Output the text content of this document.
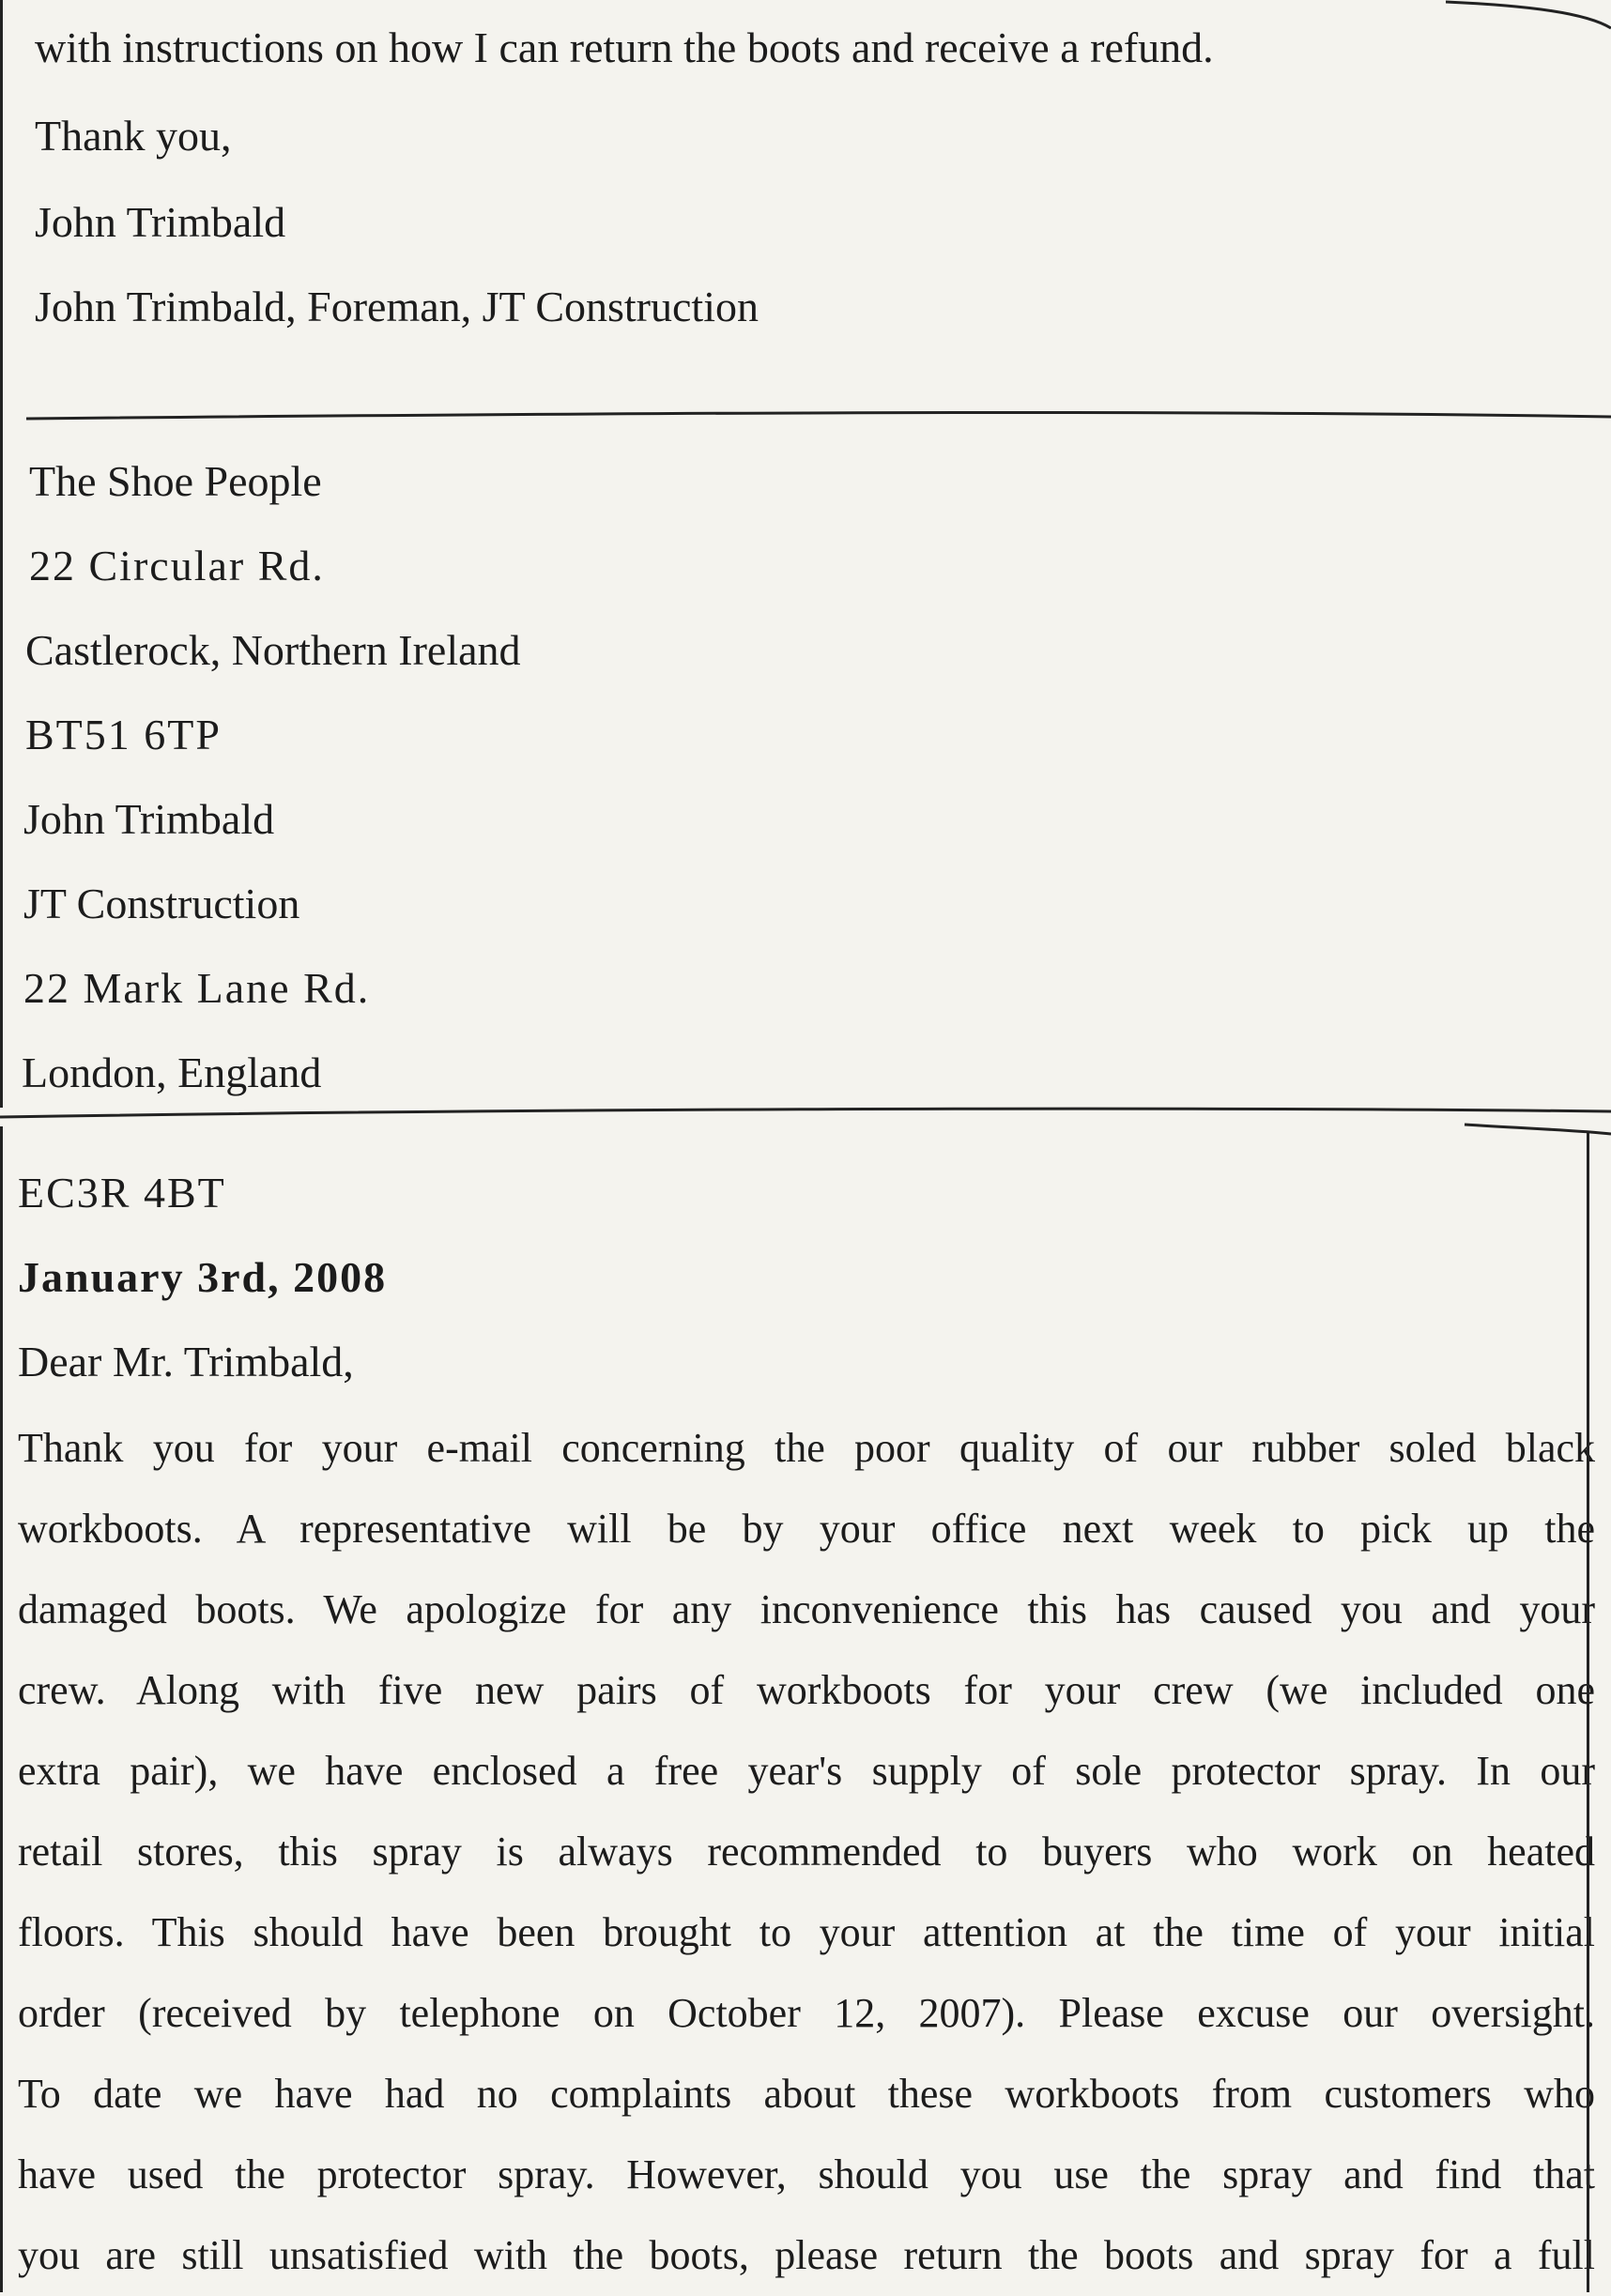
with instructions on how I can return the boots and receive a refund.
Thank you,
John Trimbald
John Trimbald, Foreman, JT Construction
The Shoe People
22 Circular Rd.
Castlerock, Northern Ireland
BT51 6TP
John Trimbald
JT Construction
22 Mark Lane Rd.
London, England
EC3R 4BT
January 3rd, 2008
Dear Mr. Trimbald,
Thank you for your e-mail concerning the poor quality of our rubber soled black
workboots. A representative will be by your office next week to pick up the
damaged boots. We apologize for any inconvenience this has caused you and your
crew. Along with five new pairs of workboots for your crew (we included one
extra pair), we have enclosed a free year's supply of sole protector spray. In our
retail stores, this spray is always recommended to buyers who work on heated
floors. This should have been brought to your attention at the time of your initial
order (received by telephone on October 12, 2007). Please excuse our oversight.
To date we have had no complaints about these workboots from customers who
have used the protector spray. However, should you use the spray and find that
you are still unsatisfied with the boots, please return the boots and spray for a full
